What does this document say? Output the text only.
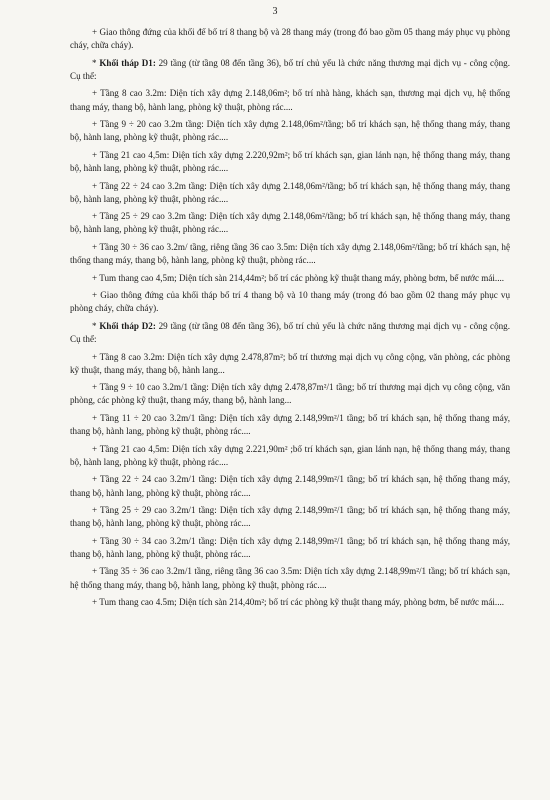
3

+ Giao thông đứng của khối đế bố trí 8 thang bộ và 28 thang máy (trong đó bao gồm 05 thang máy phục vụ phòng cháy, chữa cháy).

* Khối tháp D1: 29 tầng (từ tầng 08 đến tầng 36), bố trí chủ yếu là chức năng thương mại dịch vụ - công cộng. Cụ thể:

+ Tầng 8 cao 3.2m: Diện tích xây dựng 2.148,06m²; bố trí nhà hàng, khách sạn, thương mại dịch vụ, hệ thống thang máy, thang bộ, hành lang, phòng kỹ thuật, phòng rác....

+ Tầng 9 ÷ 20 cao 3.2m tầng: Diện tích xây dựng 2.148,06m²/tầng; bố trí khách sạn, hệ thống thang máy, thang bộ, hành lang, phòng kỹ thuật, phòng rác....

+ Tầng 21 cao 4,5m: Diện tích xây dựng 2.220,92m²; bố trí khách sạn, gian lánh nạn, hệ thống thang máy, thang bộ, hành lang, phòng kỹ thuật, phòng rác....

+ Tầng 22 ÷ 24 cao 3.2m tầng: Diện tích xây dựng 2.148,06m²/tầng; bố trí khách sạn, hệ thống thang máy, thang bộ, hành lang, phòng kỹ thuật, phòng rác....

+ Tầng 25 ÷ 29 cao 3.2m tầng: Diện tích xây dựng 2.148,06m²/tầng; bố trí khách sạn, hệ thống thang máy, thang bộ, hành lang, phòng kỹ thuật, phòng rác....

+ Tầng 30 ÷ 36 cao 3.2m/ tầng, riêng tầng 36 cao 3.5m: Diện tích xây dựng 2.148,06m²/tầng; bố trí khách sạn, hệ thống thang máy, thang bộ, hành lang, phòng kỹ thuật, phòng rác....

+ Tum thang cao 4,5m; Diện tích sàn 214,44m²; bố trí các phòng kỹ thuật thang máy, phòng bơm, bể nước mái....

+ Giao thông đứng của khối tháp bố trí 4 thang bộ và 10 thang máy (trong đó bao gồm 02 thang máy phục vụ phòng cháy, chữa cháy).

* Khối tháp D2: 29 tầng (từ tầng 08 đến tầng 36), bố trí chủ yếu là chức năng thương mại dịch vụ - công cộng. Cụ thể:

+ Tầng 8 cao 3.2m: Diện tích xây dựng 2.478,87m²; bố trí thương mại dịch vụ công cộng, văn phòng, các phòng kỹ thuật, thang máy, thang bộ, hành lang...

+ Tầng 9 ÷ 10 cao 3.2m/1 tầng: Diện tích xây dựng 2.478,87m²/1 tầng; bố trí thương mại dịch vụ công cộng, văn phòng, các phòng kỹ thuật, thang máy, thang bộ, hành lang...

+ Tầng 11 ÷ 20 cao 3.2m/1 tầng: Diện tích xây dựng 2.148,99m²/1 tầng; bố trí khách sạn, hệ thống thang máy, thang bộ, hành lang, phòng kỹ thuật, phòng rác....

+ Tầng 21 cao 4,5m: Diện tích xây dựng 2.221,90m² ;bố trí khách sạn, gian lánh nạn, hệ thống thang máy, thang bộ, hành lang, phòng kỹ thuật, phòng rác....

+ Tầng 22 ÷ 24 cao 3.2m/1 tầng: Diện tích xây dựng 2.148,99m²/1 tầng; bố trí khách sạn, hệ thống thang máy, thang bộ, hành lang, phòng kỹ thuật, phòng rác....

+ Tầng 25 ÷ 29 cao 3.2m/1 tầng: Diện tích xây dựng 2.148,99m²/1 tầng; bố trí khách sạn, hệ thống thang máy, thang bộ, hành lang, phòng kỹ thuật, phòng rác....

+ Tầng 30 ÷ 34 cao 3.2m/1 tầng: Diện tích xây dựng 2.148,99m²/1 tầng; bố trí khách sạn, hệ thống thang máy, thang bộ, hành lang, phòng kỹ thuật, phòng rác....

+ Tầng 35 ÷ 36 cao 3.2m/1 tầng, riêng tầng 36 cao 3.5m: Diện tích xây dựng 2.148,99m²/1 tầng; bố trí khách sạn, hệ thống thang máy, thang bộ, hành lang, phòng kỹ thuật, phòng rác....

+ Tum thang cao 4.5m; Diện tích sàn 214,40m²; bố trí các phòng kỹ thuật thang máy, phòng bơm, bể nước mái....
